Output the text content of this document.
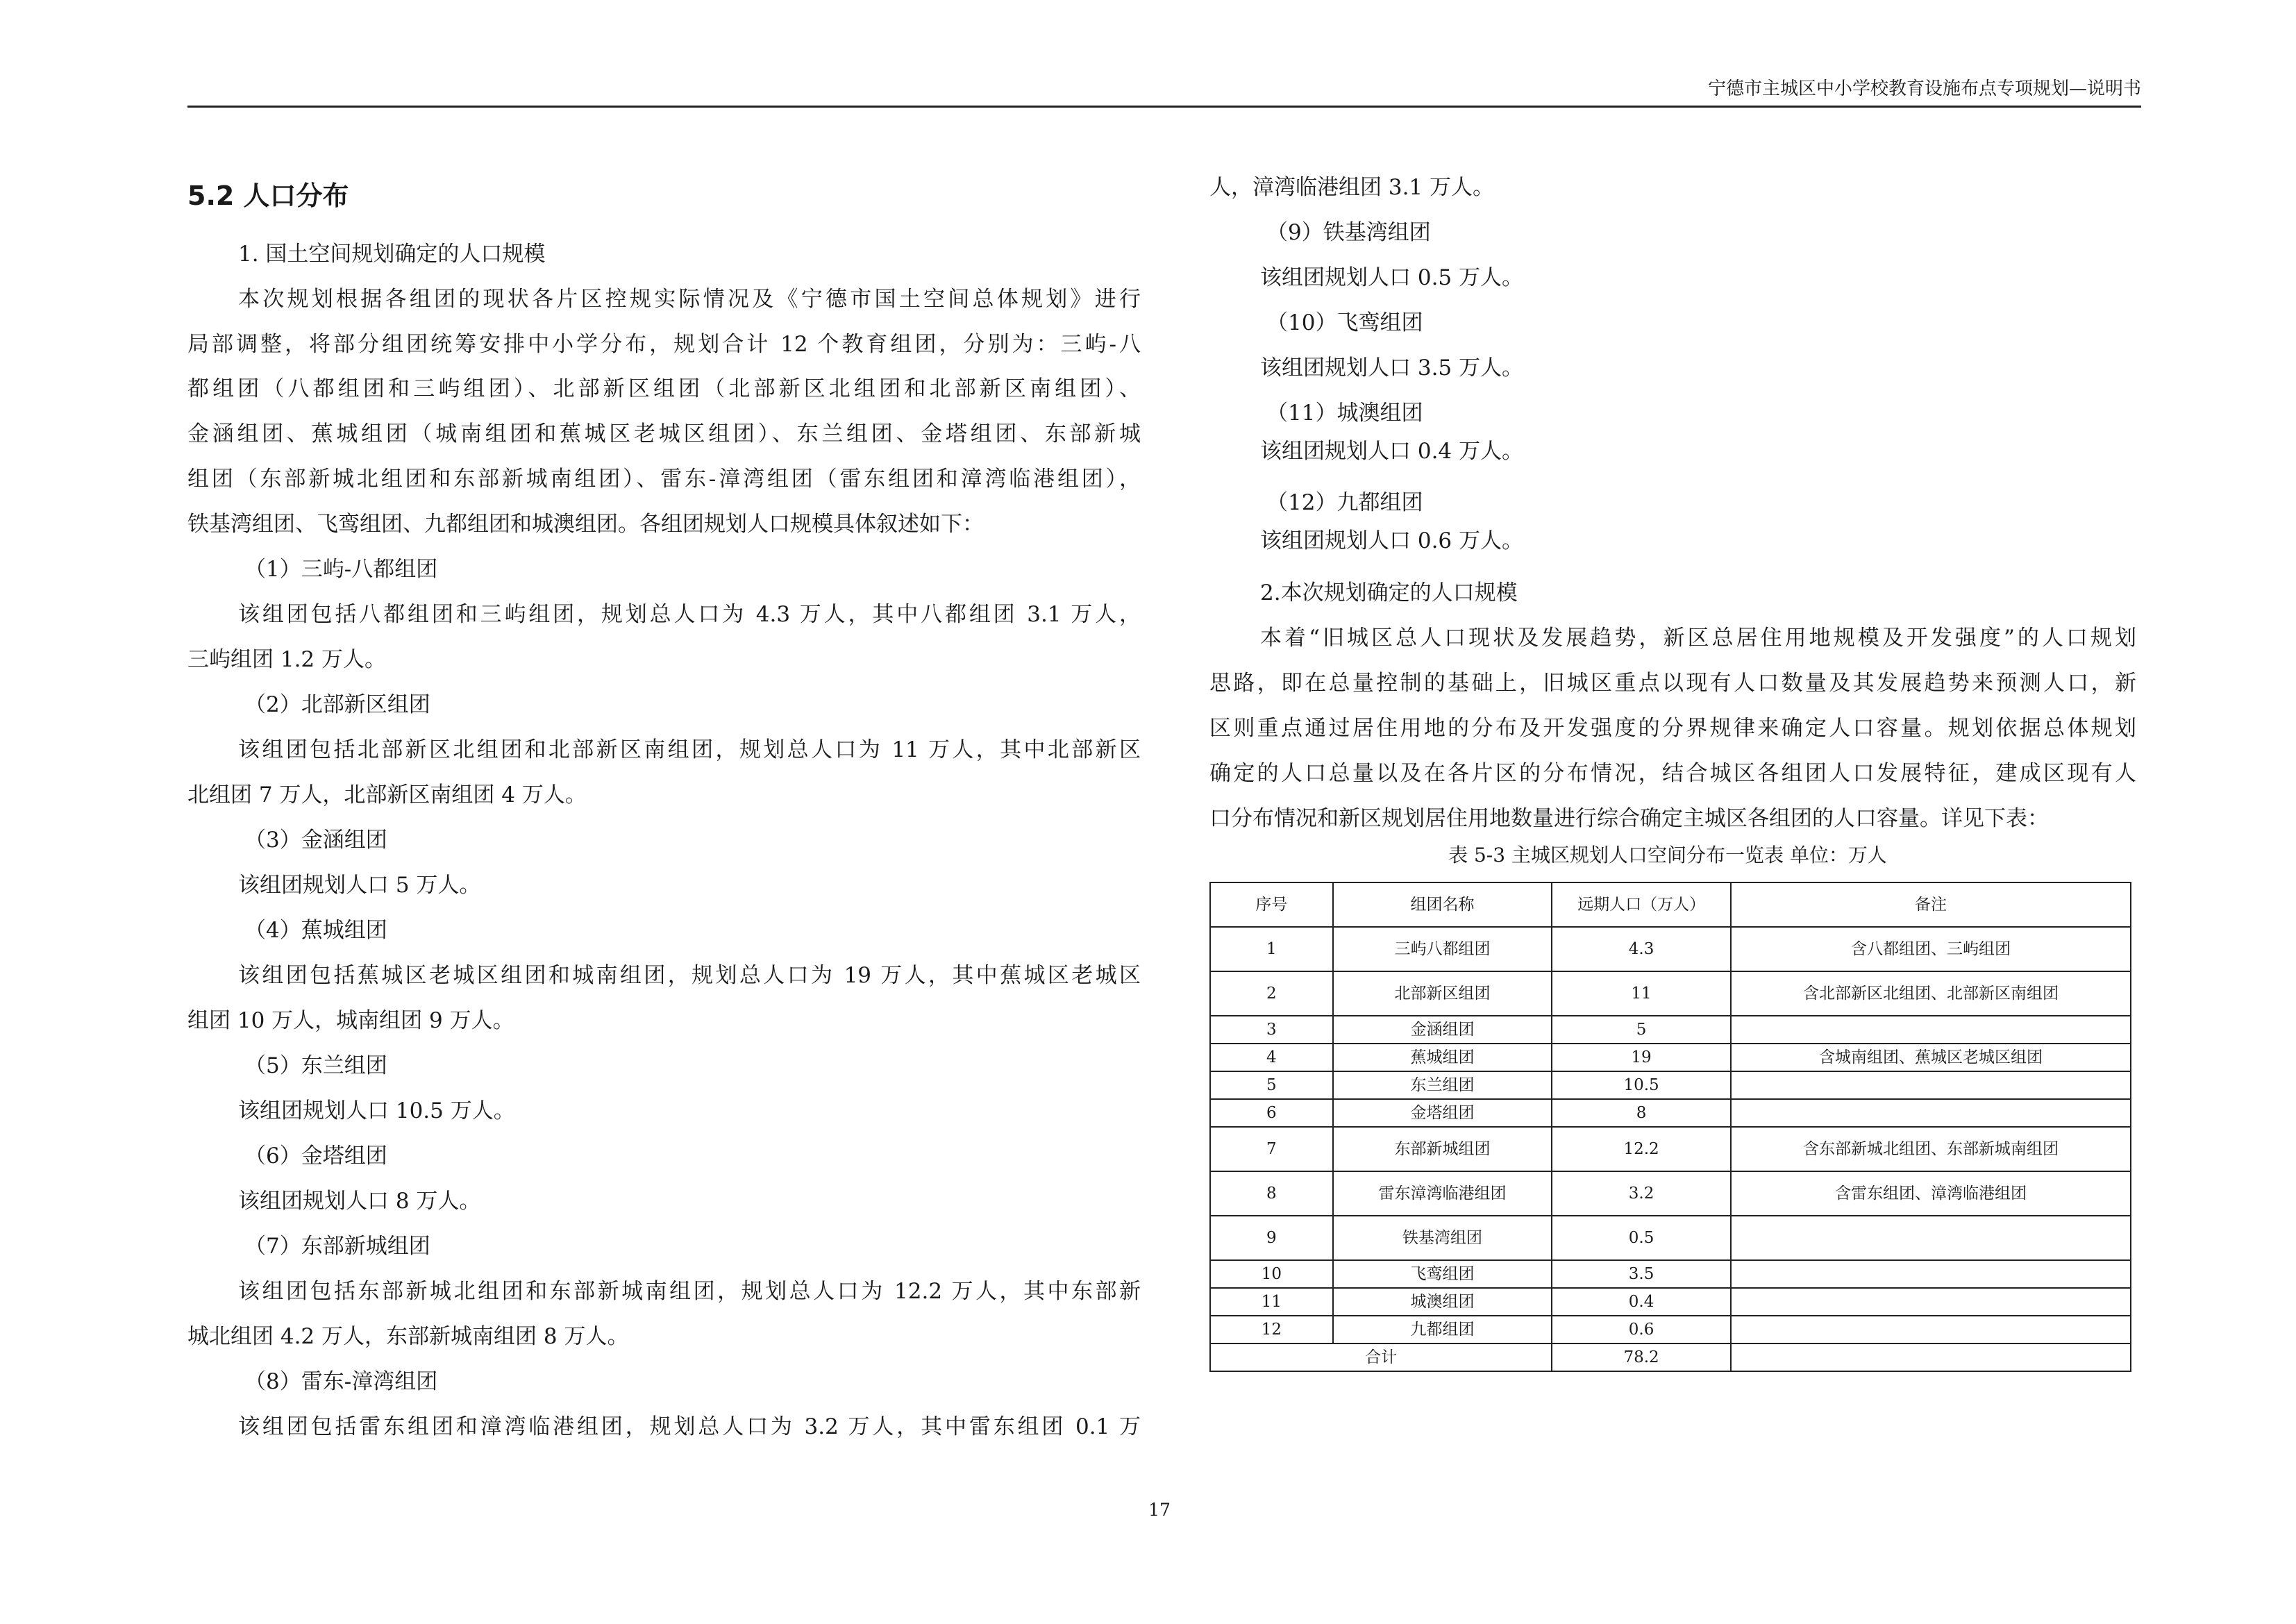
宁德市主城区中小学校教育设施布点专项规划—说明书
5.2 人口分布
1. 国土空间规划确定的人口规模
本次规划根据各组团的现状各片区控规实际情况及《宁德市国土空间总体规划》进行
局部调整，将部分组团统筹安排中小学分布，规划合计 12 个教育组团，分别为：三屿-八
都组团（八都组团和三屿组团）、北部新区组团（北部新区北组团和北部新区南组团）、
金涵组团、蕉城组团（城南组团和蕉城区老城区组团）、东兰组团、金塔组团、东部新城
组团（东部新城北组团和东部新城南组团）、雷东-漳湾组团（雷东组团和漳湾临港组团），
铁基湾组团、飞鸾组团、九都组团和城澳组团。各组团规划人口规模具体叙述如下：
（1）三屿-八都组团
该组团包括八都组团和三屿组团，规划总人口为 4.3 万人，其中八都组团 3.1 万人，
三屿组团 1.2 万人。
（2）北部新区组团
该组团包括北部新区北组团和北部新区南组团，规划总人口为 11 万人，其中北部新区
北组团 7 万人，北部新区南组团 4 万人。
（3）金涵组团
该组团规划人口 5 万人。
（4）蕉城组团
该组团包括蕉城区老城区组团和城南组团，规划总人口为 19 万人，其中蕉城区老城区
组团 10 万人，城南组团 9 万人。
（5）东兰组团
该组团规划人口 10.5 万人。
（6）金塔组团
该组团规划人口 8 万人。
（7）东部新城组团
该组团包括东部新城北组团和东部新城南组团，规划总人口为 12.2 万人，其中东部新
城北组团 4.2 万人，东部新城南组团 8 万人。
（8）雷东-漳湾组团
该组团包括雷东组团和漳湾临港组团，规划总人口为 3.2 万人，其中雷东组团 0.1 万
人，漳湾临港组团 3.1 万人。
（9）铁基湾组团
该组团规划人口 0.5 万人。
（10）飞鸾组团
该组团规划人口 3.5 万人。
（11）城澳组团
该组团规划人口 0.4 万人。
（12）九都组团
该组团规划人口 0.6 万人。
2.本次规划确定的人口规模
本着“旧城区总人口现状及发展趋势，新区总居住用地规模及开发强度”的人口规划
思路，即在总量控制的基础上，旧城区重点以现有人口数量及其发展趋势来预测人口，新
区则重点通过居住用地的分布及开发强度的分界规律来确定人口容量。规划依据总体规划
确定的人口总量以及在各片区的分布情况，结合城区各组团人口发展特征，建成区现有人
口分布情况和新区规划居住用地数量进行综合确定主城区各组团的人口容量。详见下表：
表 5-3 主城区规划人口空间分布一览表 单位：万人
序号	组团名称	远期人口（万人）	备注
1	三屿八都组团	4.3	含八都组团、三屿组团
2	北部新区组团	11	含北部新区北组团、北部新区南组团
3	金涵组团	5	
4	蕉城组团	19	含城南组团、蕉城区老城区组团
5	东兰组团	10.5	
6	金塔组团	8	
7	东部新城组团	12.2	含东部新城北组团、东部新城南组团
8	雷东漳湾临港组团	3.2	含雷东组团、漳湾临港组团
9	铁基湾组团	0.5	
10	飞鸾组团	3.5	
11	城澳组团	0.4	
12	九都组团	0.6	
合计		78.2	
17
